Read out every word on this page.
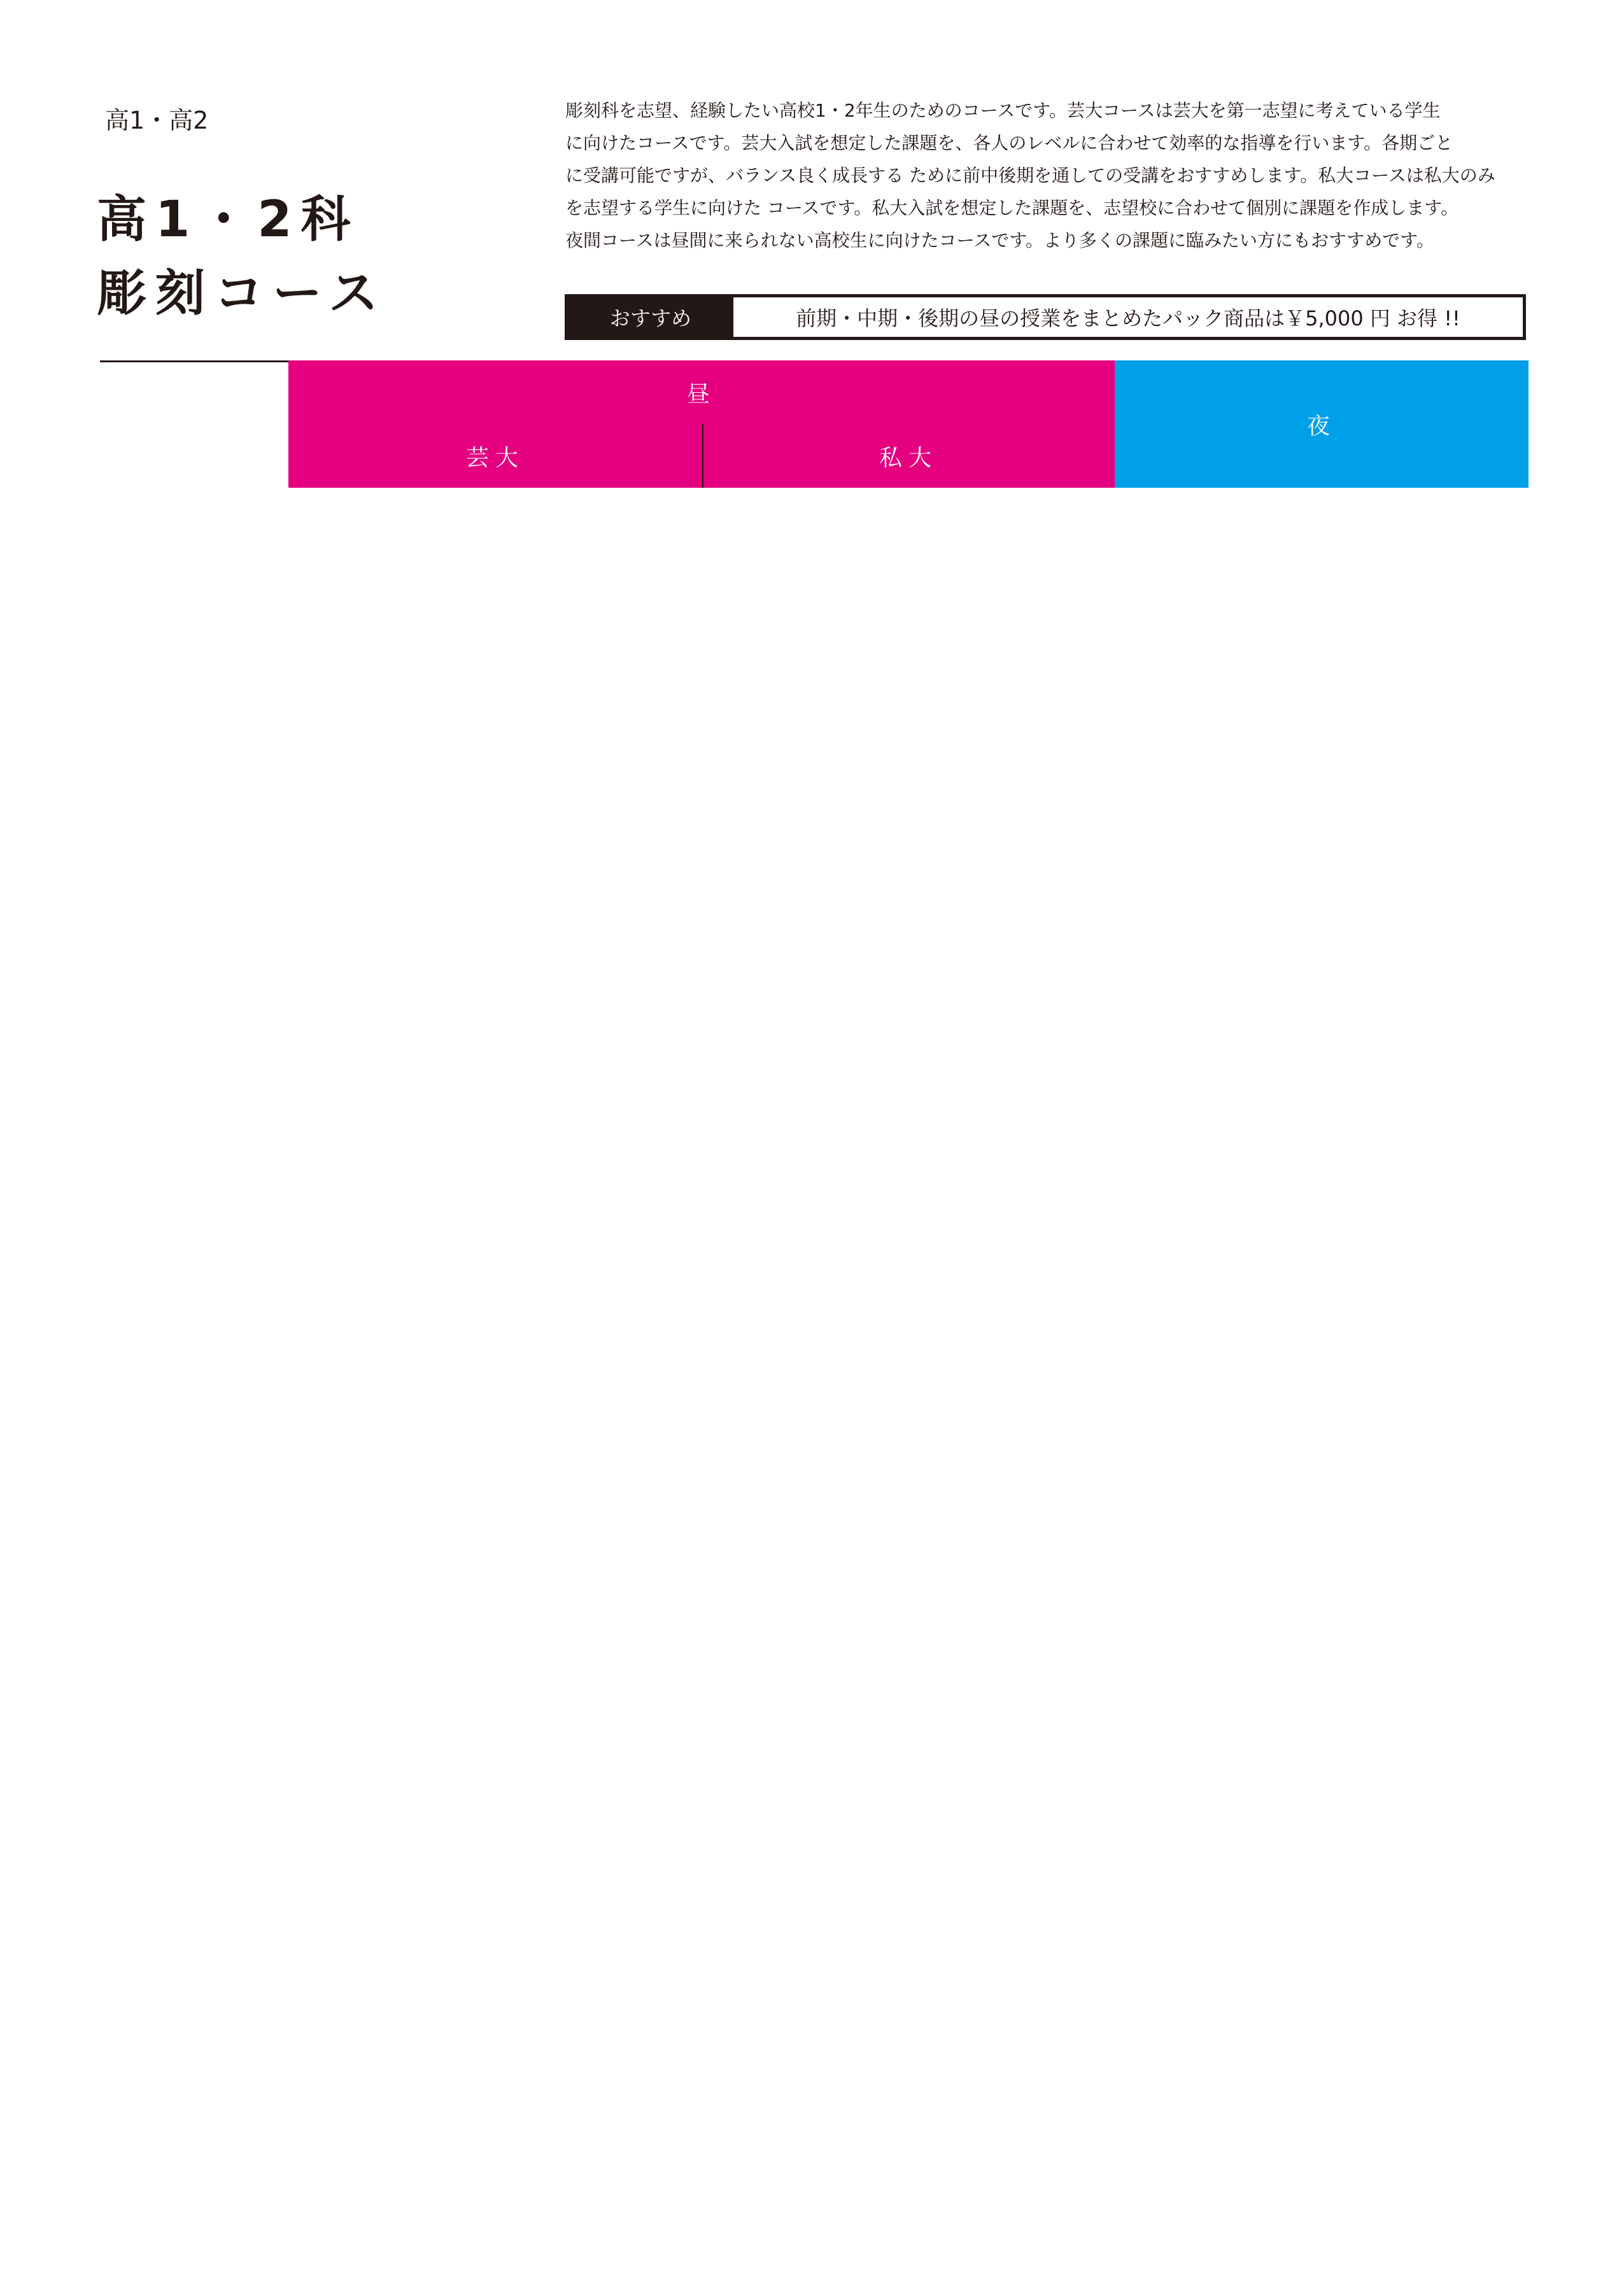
高1・高2
高1・2科
彫刻コース
彫刻科を志望、経験したい高校1・2年生のためのコースです。芸大コースは芸大を第一志望に考えている学生
に向けたコースです。芸大入試を想定した課題を、各人のレベルに合わせて効率的な指導を行います。各期ごと
に受講可能ですが、バランス良く成長する ために前中後期を通しての受講をおすすめします。私大コースは私大のみ
を志望する学生に向けた コースです。私大入試を想定した課題を、志望校に合わせて個別に課題を作成します。
夜間コースは昼間に来られない高校生に向けたコースです。より多くの課題に臨みたい方にもおすすめです。
おすすめ	前期・中期・後期の昼の授業をまとめたパック商品は￥5,000 円 お得 !!
昼
芸大	私大
夜
